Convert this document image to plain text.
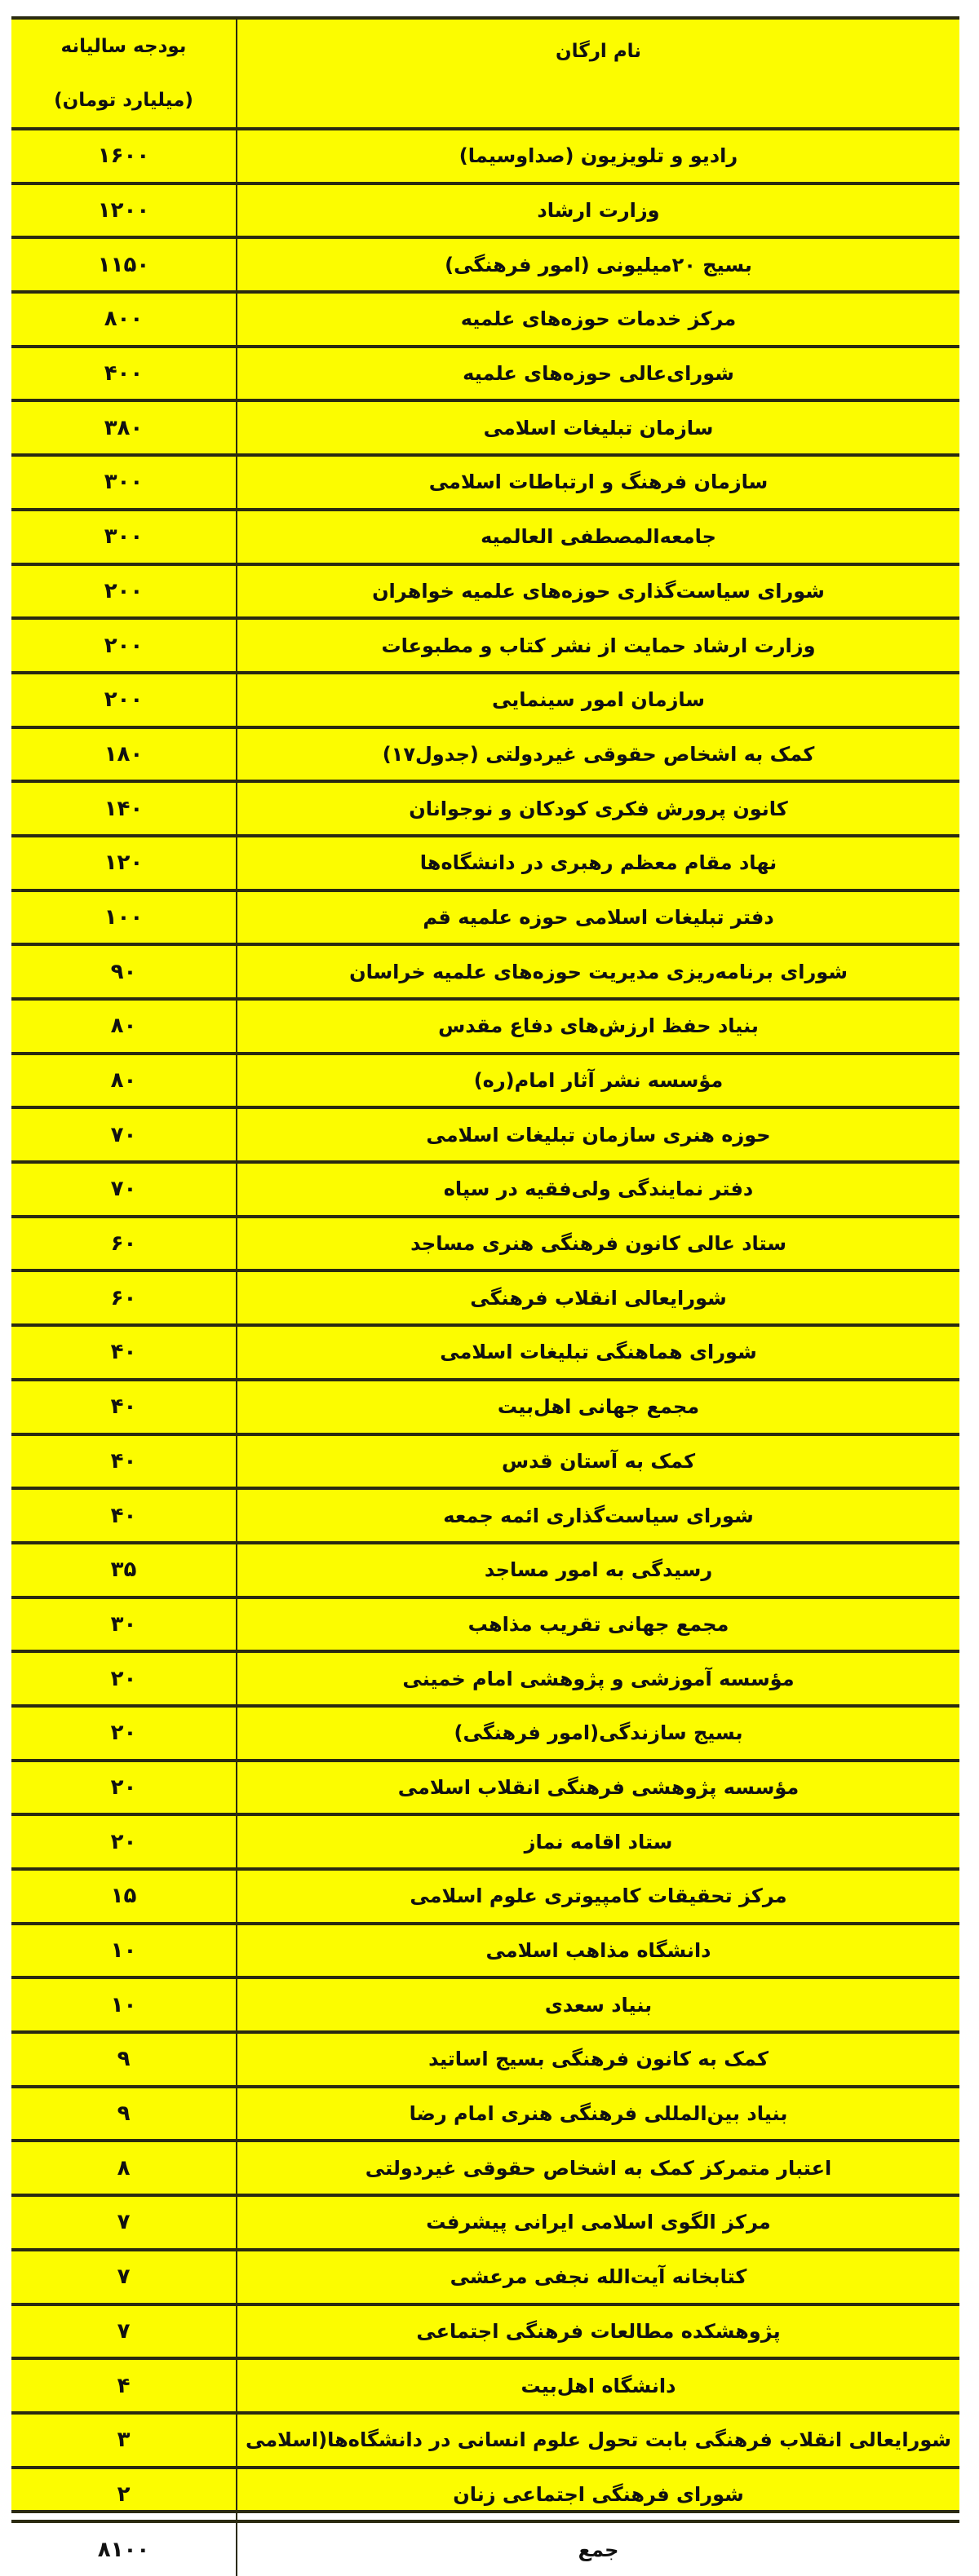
نام ارگان	بودجه سالیانه
(میلیارد تومان)

رادیو و تلویزیون (صداوسیما)	۱۶۰۰
وزارت ارشاد	۱۲۰۰
بسیج ۲۰میلیونی (امور فرهنگی)	۱۱۵۰
مرکز خدمات حوزه‌های علمیه	۸۰۰
شورای‌عالی حوزه‌های علمیه	۴۰۰
سازمان تبلیغات اسلامی	۳۸۰
سازمان فرهنگ و ارتباطات اسلامی	۳۰۰
جامعه‌المصطفی العالمیه	۳۰۰
شورای سیاست‌گذاری حوزه‌های علمیه خواهران	۲۰۰
وزارت ارشاد حمایت از نشر کتاب و مطبوعات	۲۰۰
سازمان امور سینمایی	۲۰۰
کمک به اشخاص حقوقی غیردولتی (جدول۱۷)	۱۸۰
کانون پرورش فکری کودکان و نوجوانان	۱۴۰
نهاد مقام معظم رهبری در دانشگاه‌ها	۱۲۰
دفتر تبلیغات اسلامی حوزه علمیه قم	۱۰۰
شورای برنامه‌ریزی مدیریت حوزه‌های علمیه خراسان	۹۰
بنیاد حفظ ارزش‌های دفاع مقدس	۸۰
مؤسسه نشر آثار امام(ره)	۸۰
حوزه هنری سازمان تبلیغات اسلامی	۷۰
دفتر نمایندگی ولی‌فقیه در سپاه	۷۰
ستاد عالی کانون فرهنگی هنری مساجد	۶۰
شورایعالی انقلاب فرهنگی	۶۰
شورای هماهنگی تبلیغات اسلامی	۴۰
مجمع جهانی اهل‌بیت	۴۰
کمک به آستان قدس	۴۰
شورای سیاست‌گذاری ائمه جمعه	۴۰
رسیدگی به امور مساجد	۳۵
مجمع جهانی تقریب مذاهب	۳۰
مؤسسه آموزشی و پژوهشی امام خمینی	۲۰
بسیج سازندگی(امور فرهنگی)	۲۰
مؤسسه پژوهشی فرهنگی انقلاب اسلامی	۲۰
ستاد اقامه نماز	۲۰
مرکز تحقیقات کامپیوتری علوم اسلامی	۱۵
دانشگاه مذاهب اسلامی	۱۰
بنیاد سعدی	۱۰
کمک به کانون فرهنگی بسیج اساتید	۹
بنیاد بین‌المللی فرهنگی هنری امام رضا	۹
اعتبار متمرکز کمک به اشخاص حقوقی غیردولتی	۸
مرکز الگوی اسلامی ایرانی پیشرفت	۷
کتابخانه آیت‌الله نجفی مرعشی	۷
پژوهشکده مطالعات فرهنگی اجتماعی	۷
دانشگاه اهل‌بیت	۴
شورایعالی انقلاب فرهنگی بابت تحول علوم انسانی در دانشگاه‌ها(اسلامی	۳
شورای فرهنگی اجتماعی زنان	۲
جمع	۸۱۰۰
